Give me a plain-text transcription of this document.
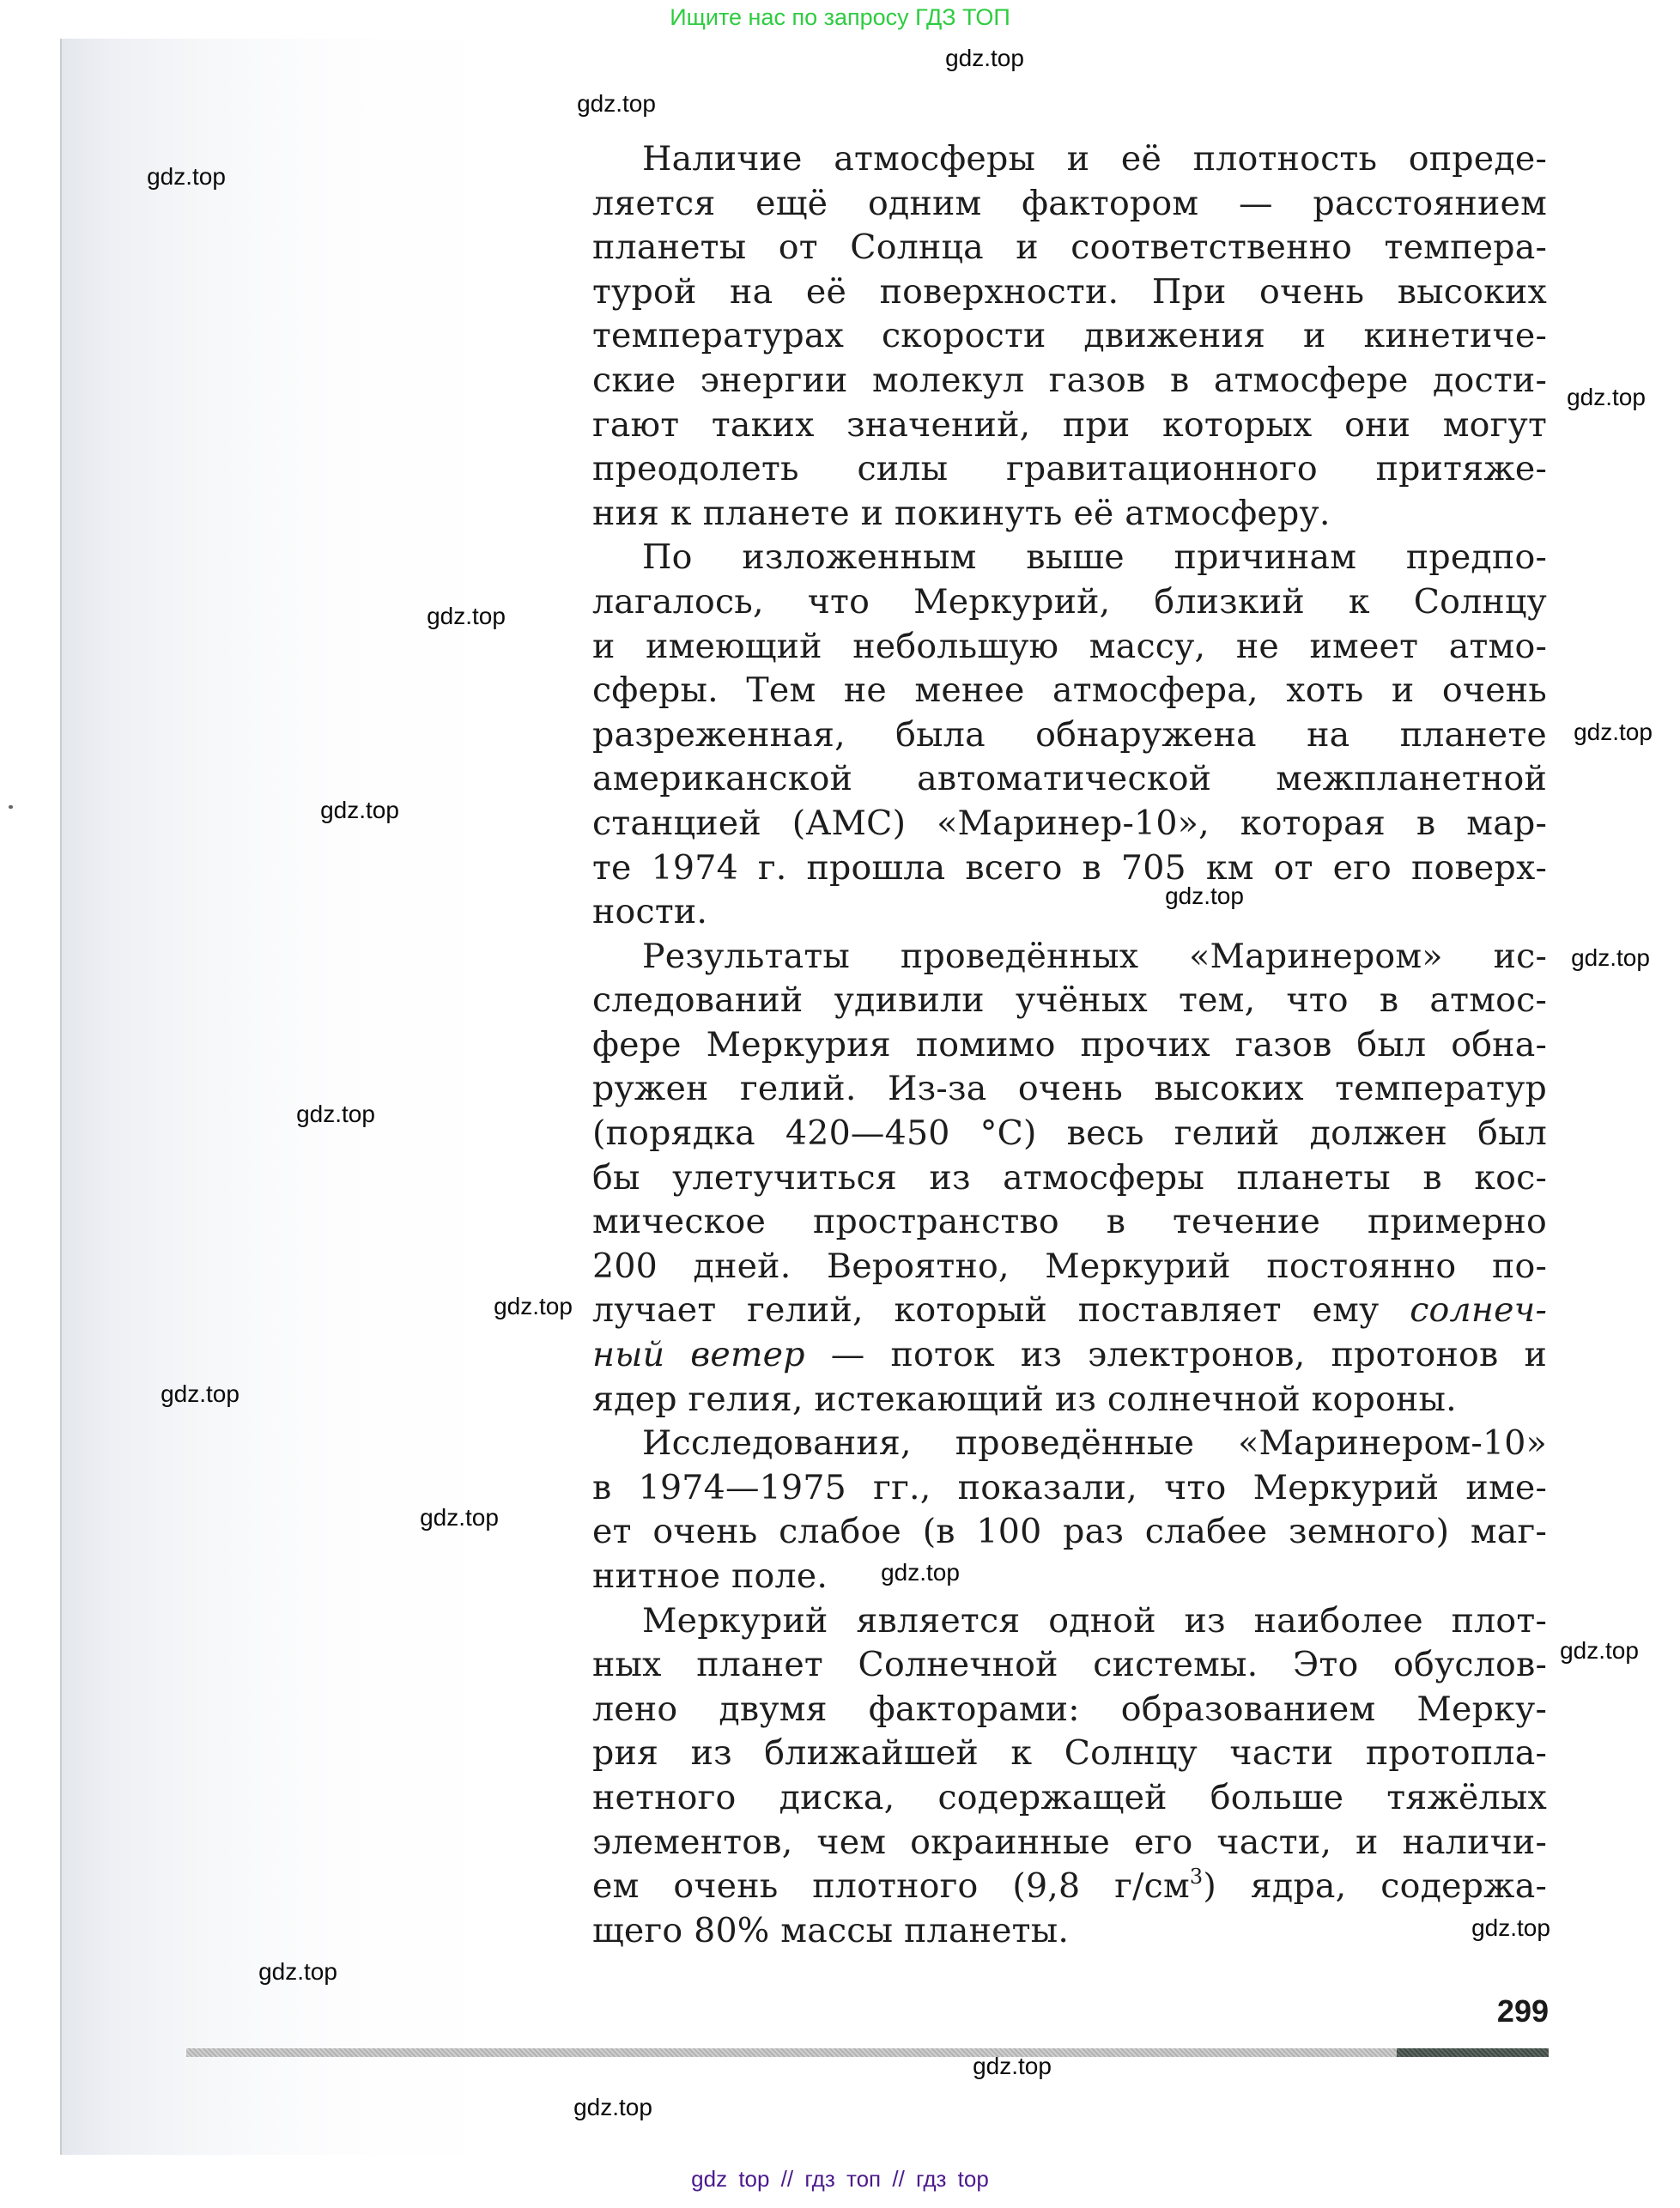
Ищите нас по запросу ГДЗ ТОП

Наличие атмосферы и её плотность опреде-
ляется ещё одним фактором — расстоянием
планеты от Солнца и соответственно темпера-
турой на её поверхности. При очень высоких
температурах скорости движения и кинетиче-
ские энергии молекул газов в атмосфере дости-
гают таких значений, при которых они могут
преодолеть силы гравитационного притяже-
ния к планете и покинуть её атмосферу.

По изложенным выше причинам предпо-
лагалось, что Меркурий, близкий к Солнцу
и имеющий небольшую массу, не имеет атмо-
сферы. Тем не менее атмосфера, хоть и очень
разреженная, была обнаружена на планете
американской автоматической межпланетной
станцией (АМС) «Маринер-10», которая в мар-
те 1974 г. прошла всего в 705 км от его поверх-
ности.

Результаты проведённых «Маринером» ис-
следований удивили учёных тем, что в атмос-
фере Меркурия помимо прочих газов был обна-
ружен гелий. Из-за очень высоких температур
(порядка 420—450 °С) весь гелий должен был
бы улетучиться из атмосферы планеты в кос-
мическое пространство в течение примерно
200 дней. Вероятно, Меркурий постоянно по-
лучает гелий, который поставляет ему солнеч-
ный ветер — поток из электронов, протонов и
ядер гелия, истекающий из солнечной короны.

Исследования, проведённые «Маринером-10»
в 1974—1975 гг., показали, что Меркурий име-
ет очень слабое (в 100 раз слабее земного) маг-
нитное поле.

Меркурий является одной из наиболее плот-
ных планет Солнечной системы. Это обуслов-
лено двумя факторами: образованием Мерку-
рия из ближайшей к Солнцу части протопла-
нетного диска, содержащей больше тяжёлых
элементов, чем окраинные его части, и наличи-
ем очень плотного (9,8 $г/см^3$) ядра, содержа-
щего 80% массы планеты.

299
gdz.top
gdz.top
gdz.top
gdz.top
gdz.top
gdz.top
gdz.top
gdz.top
gdz.top
gdz.top
gdz.top
gdz.top
gdz.top
gdz.top
gdz.top
gdz.top
gdz.top
gdz.top
gdz.top
gdz top // гдз топ // гдз top
